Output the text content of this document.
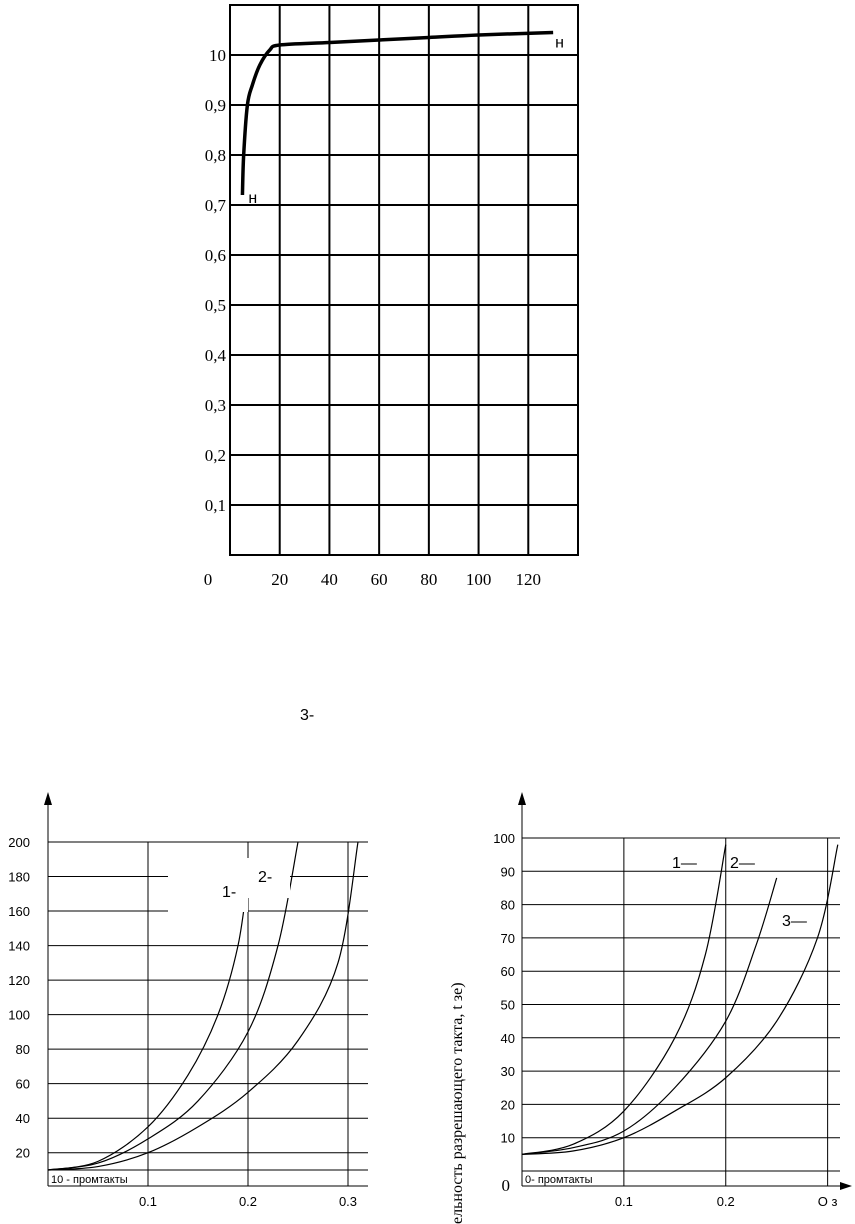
0,1
0,2
0,3
0,4
0,5
0,6
0,7
0,8
0,9
10
0	20 40 60 80 100 120
н
н
20
40
60
80
100
120
140
160
180
200
0.1	0.2	0.3
10 - промтакты
1-
2-
3-
0
10
20
30
40
50
60
70
80
90
100
0.1	0.2	О з
0- промтакты
1— 2—
3—
ельность разрешающего такта, t зе)
